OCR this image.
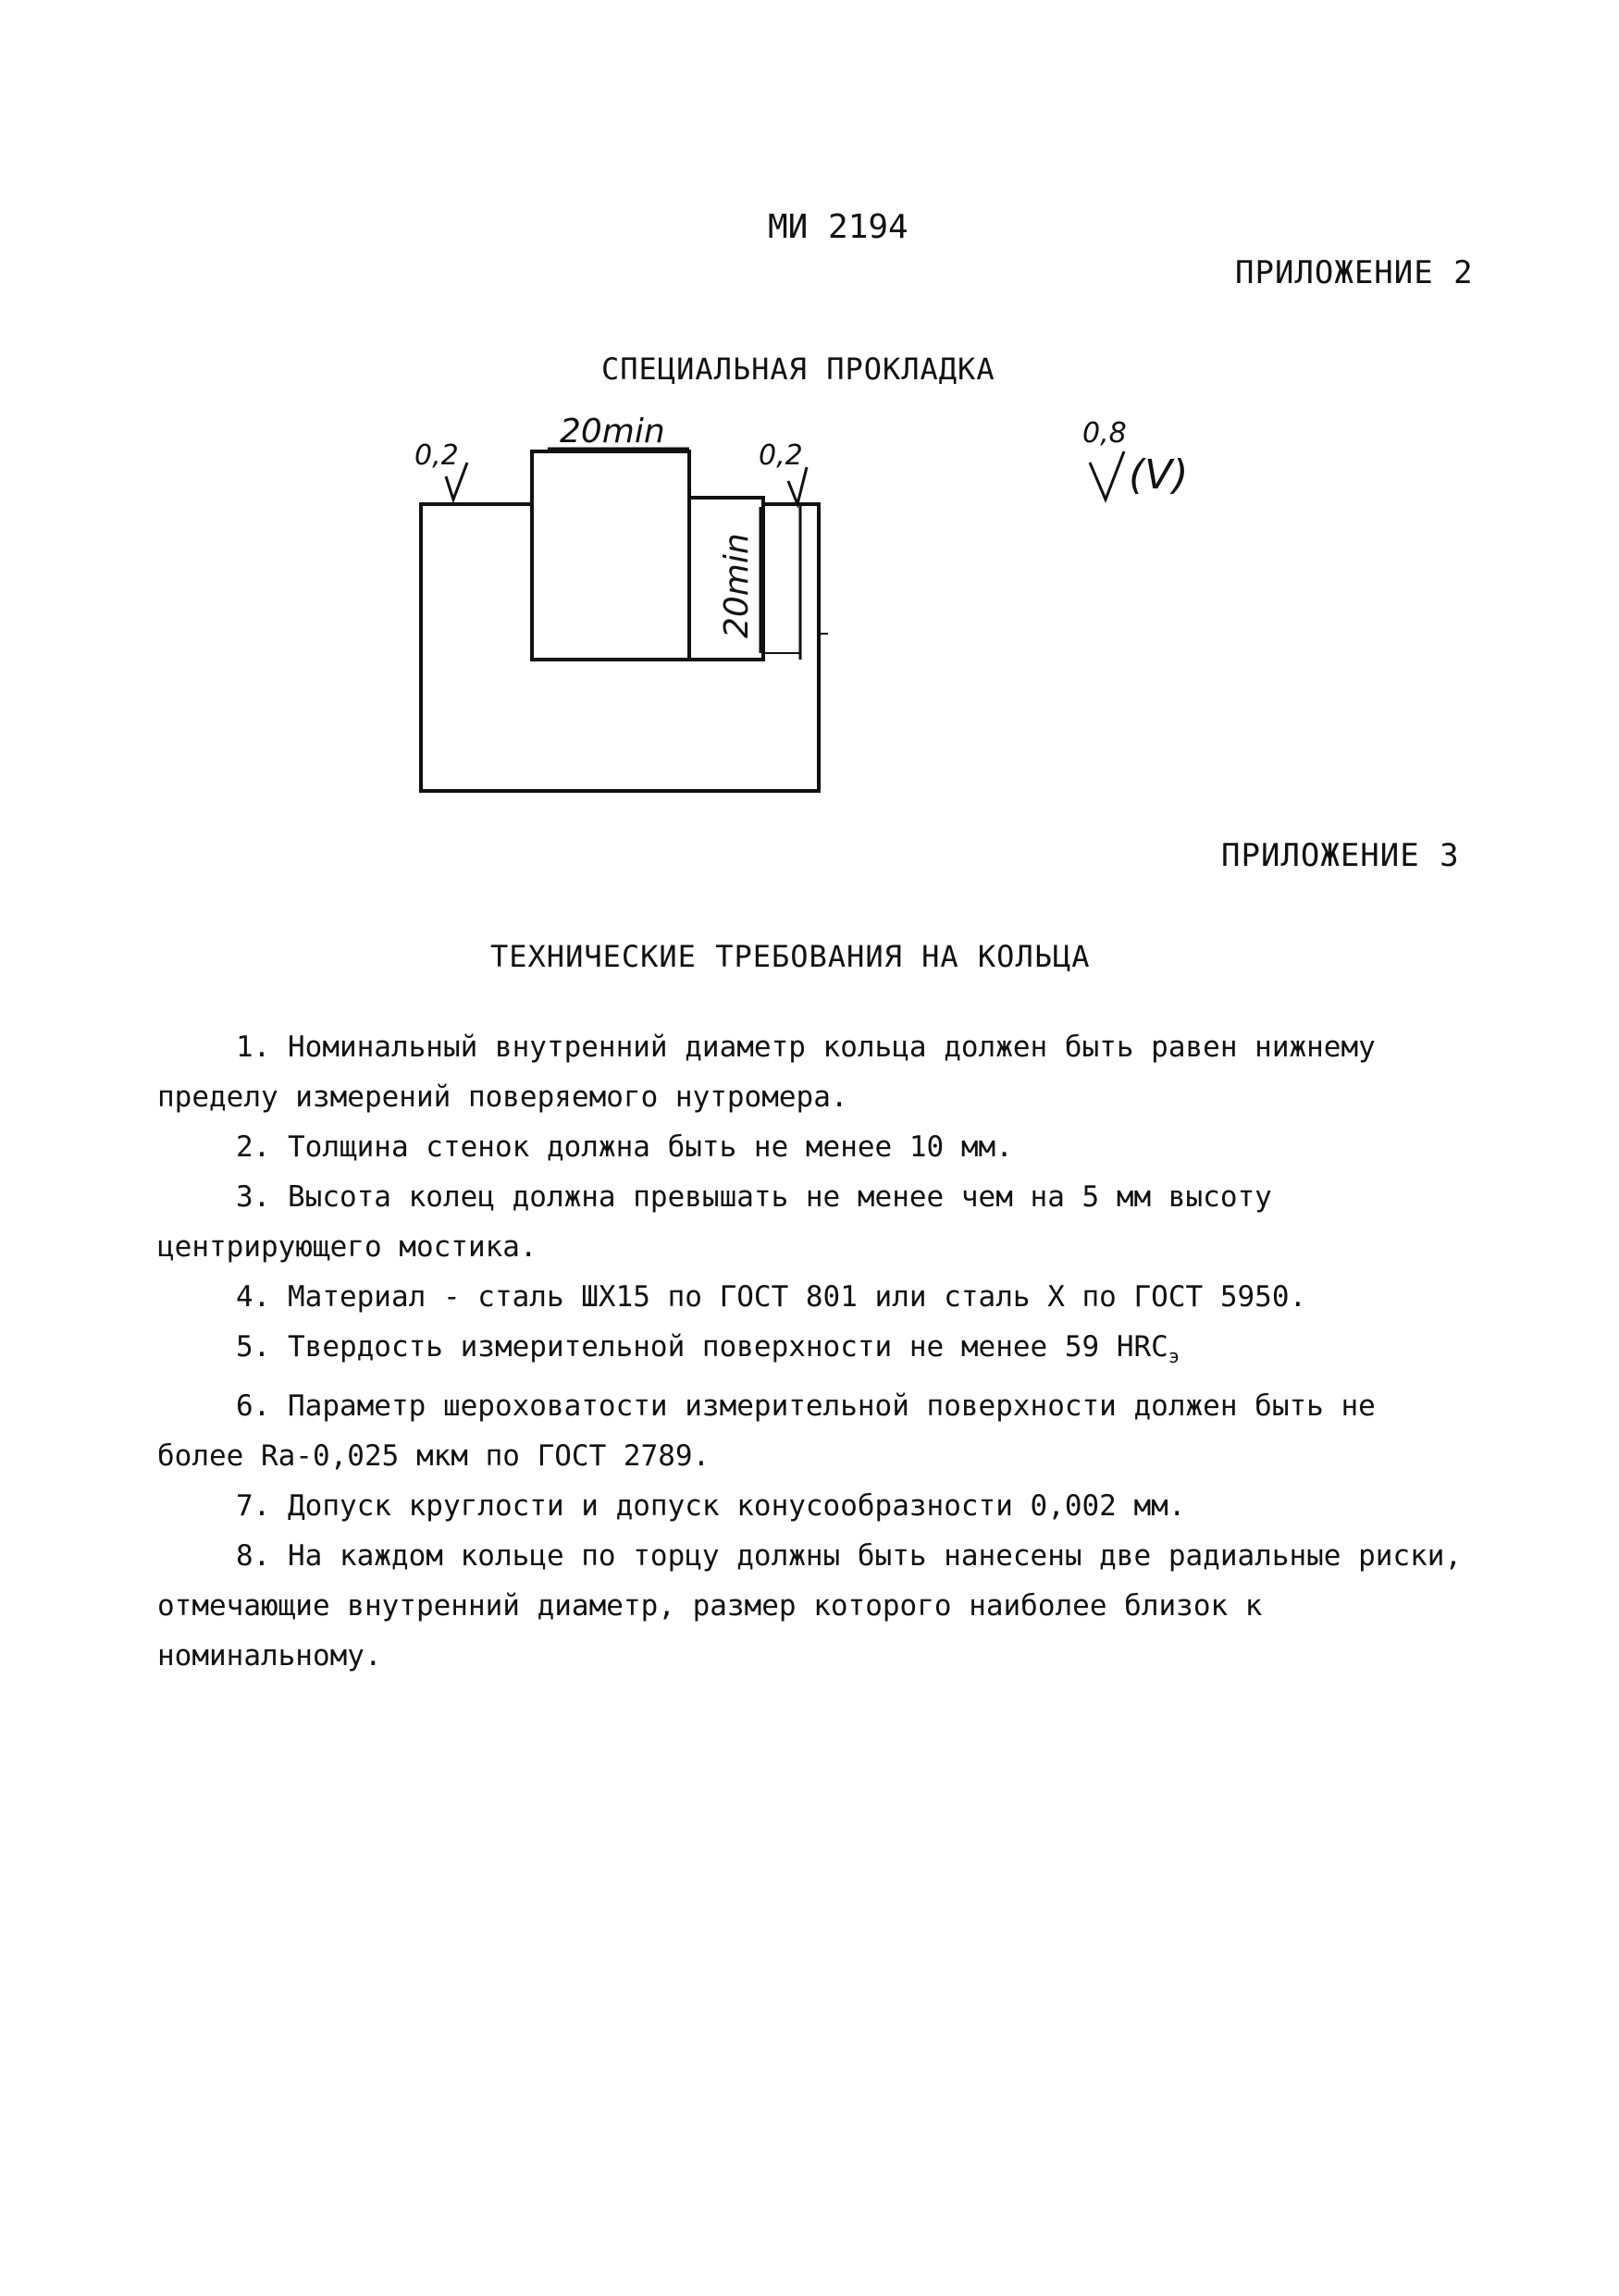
МИ 2194
ПРИЛОЖЕНИЕ 2
СПЕЦИАЛЬНАЯ ПРОКЛАДКА
20min
20min
0,2	0,2
0,8
(V)
ПРИЛОЖЕНИЕ 3
ТЕХНИЧЕСКИЕ ТРЕБОВАНИЯ НА КОЛЬЦА

1. Номинальный внутренний диаметр кольца должен быть равен нижнему пределу измерений поверяемого нутромера.

2. Толщина стенок должна быть не менее 10 мм.

3. Высота колец должна превышать не менее чем на 5 мм высоту центрирующего мостика.

4. Материал - сталь ШХ15 по ГОСТ 801 или сталь Х по ГОСТ 5950.

5. Твердость измерительной поверхности не менее 59 $HRC_э$

6. Параметр шероховатости измерительной поверхности должен быть не более Ra-0,025 мкм по ГОСТ 2789.

7. Допуск круглости и допуск конусообразности 0,002 мм.

8. На каждом кольце по торцу должны быть нанесены две радиальные риски, отмечающие внутренний диаметр, размер которого наиболее близок к номинальному.
